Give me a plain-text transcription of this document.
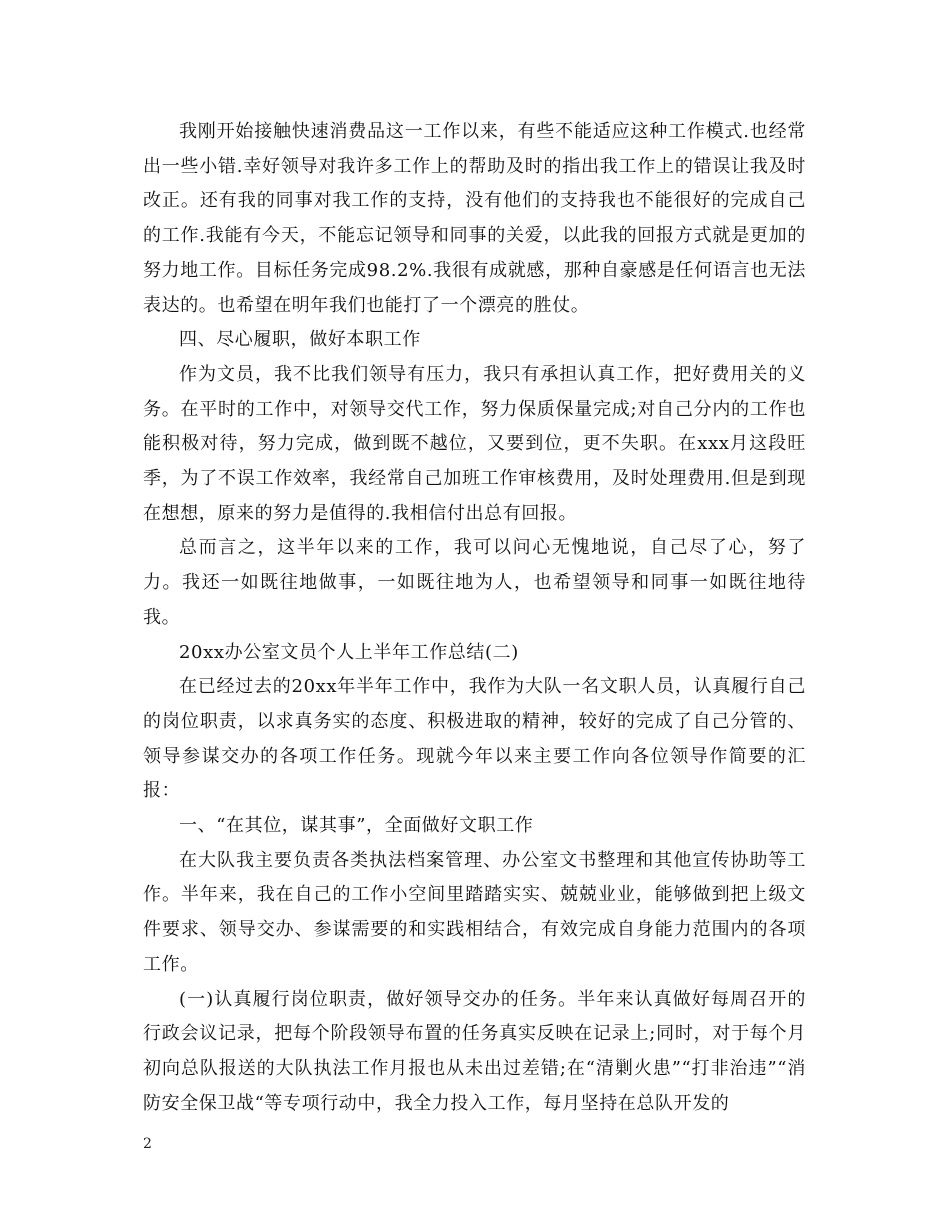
我刚开始接触快速消费品这一工作以来，有些不能适应这种工作模式.也经常出一些小错.幸好领导对我许多工作上的帮助及时的指出我工作上的错误让我及时改正。还有我的同事对我工作的支持，没有他们的支持我也不能很好的完成自己的工作.我能有今天，不能忘记领导和同事的关爱，以此我的回报方式就是更加的努力地工作。目标任务完成98.2%.我很有成就感，那种自豪感是任何语言也无法表达的。也希望在明年我们也能打了一个漂亮的胜仗。

四、尽心履职，做好本职工作

作为文员，我不比我们领导有压力，我只有承担认真工作，把好费用关的义务。在平时的工作中，对领导交代工作，努力保质保量完成;对自己分内的工作也能积极对待，努力完成，做到既不越位，又要到位，更不失职。在xxx月这段旺季，为了不误工作效率，我经常自己加班工作审核费用，及时处理费用.但是到现在想想，原来的努力是值得的.我相信付出总有回报。

总而言之，这半年以来的工作，我可以问心无愧地说，自己尽了心，努了力。我还一如既往地做事，一如既往地为人，也希望领导和同事一如既往地待我。

20xx办公室文员个人上半年工作总结(二)

在已经过去的20xx年半年工作中，我作为大队一名文职人员，认真履行自己的岗位职责，以求真务实的态度、积极进取的精神，较好的完成了自己分管的、领导参谋交办的各项工作任务。现就今年以来主要工作向各位领导作简要的汇报：

一、“在其位，谋其事”，全面做好文职工作

在大队我主要负责各类执法档案管理、办公室文书整理和其他宣传协助等工作。半年来，我在自己的工作小空间里踏踏实实、兢兢业业，能够做到把上级文件要求、领导交办、参谋需要的和实践相结合，有效完成自身能力范围内的各项工作。

(一)认真履行岗位职责，做好领导交办的任务。半年来认真做好每周召开的行政会议记录，把每个阶段领导布置的任务真实反映在记录上;同时，对于每个月初向总队报送的大队执法工作月报也从未出过差错;在“清剿火患”“打非治违”“消防安全保卫战“等专项行动中，我全力投入工作，每月坚持在总队开发的

2
